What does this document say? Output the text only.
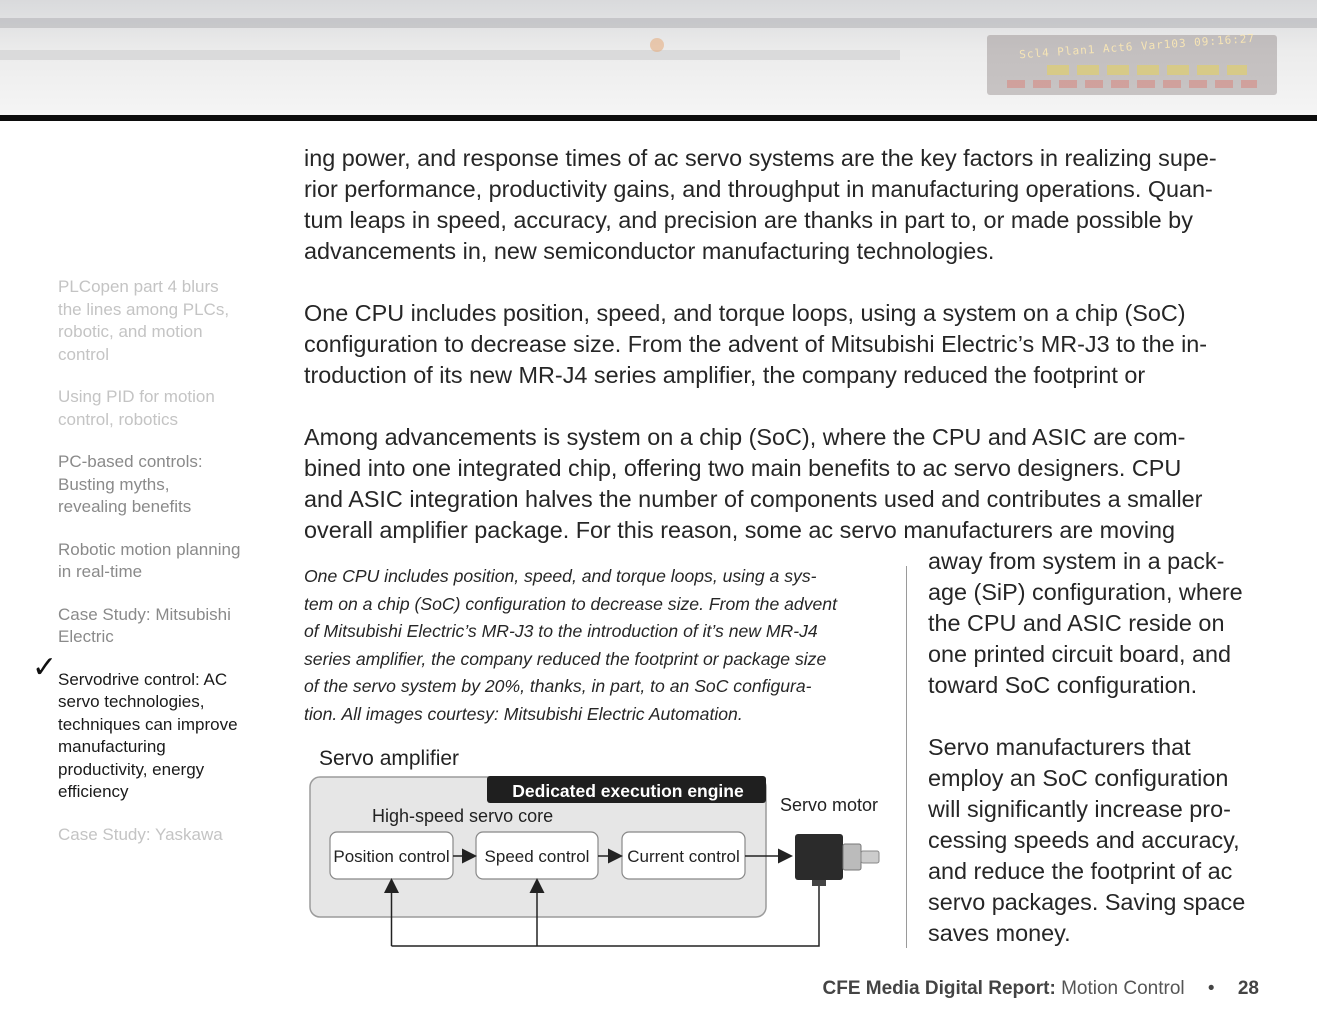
Scl4 Plan1 Act6 Var103 09:16:27
PLCopen part 4 blurs the lines among PLCs, robotic, and motion control
Using PID for motion control, robotics
PC-based controls: Busting myths, revealing benefits
Robotic motion planning in real-time
Case Study: Mitsubishi Electric
✓ Servodrive control: AC servo technologies, techniques can improve manufacturing productivity, energy efficiency
Case Study: Yaskawa
ing power, and response times of ac servo systems are the key factors in realizing supe-
rior performance, productivity gains, and throughput in manufacturing operations. Quan-
tum leaps in speed, accuracy, and precision are thanks in part to, or made possible by
advancements in, new semiconductor manufacturing technologies.
One CPU includes position, speed, and torque loops, using a system on a chip (SoC)
configuration to decrease size. From the advent of Mitsubishi Electric’s MR-J3 to the in-
troduction of its new MR-J4 series amplifier, the company reduced the footprint or
Among advancements is system on a chip (SoC), where the CPU and ASIC are com-
bined into one integrated chip, offering two main benefits to ac servo designers. CPU
and ASIC integration halves the number of components used and contributes a smaller
overall amplifier package. For this reason, some ac servo manufacturers are moving
One CPU includes position, speed, and torque loops, using a sys-
tem on a chip (SoC) configuration to decrease size. From the advent
of Mitsubishi Electric’s MR-J3 to the introduction of it’s new MR-J4
series amplifier, the company reduced the footprint or package size
of the servo system by 20%, thanks, in part, to an SoC configura-
tion. All images courtesy: Mitsubishi Electric Automation.
away from system in a pack-
age (SiP) configuration, where
the CPU and ASIC reside on
one printed circuit board, and
toward SoC configuration.
Servo manufacturers that
employ an SoC configuration
will significantly increase pro-
cessing speeds and accuracy,
and reduce the footprint of ac
servo packages. Saving space
saves money.
Servo amplifier
Dedicated execution engine
High-speed servo core
Position control Speed control Current control
Servo motor
CFE Media Digital Report: Motion Control • 28
